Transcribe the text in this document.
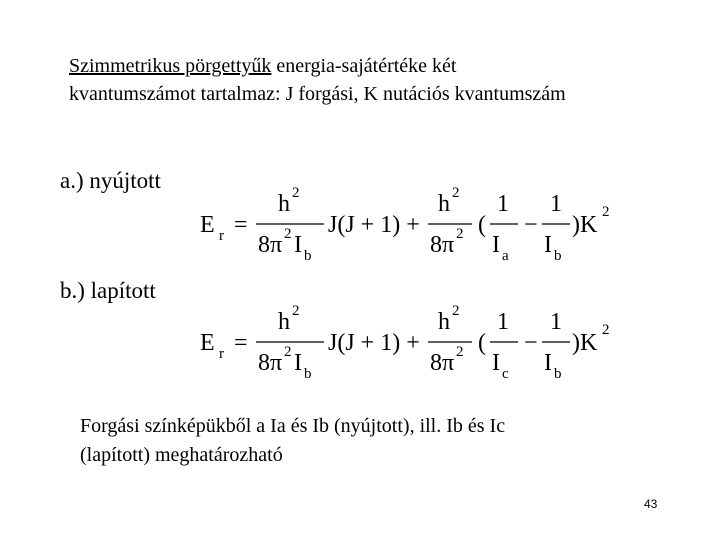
Szimmetrikus pörgettyűk energia-sajátértéke két
kvantumszámot tartalmaz: J forgási, K nutációs kvantumszám
a.) nyújtott
E r =
h 2
8π 2 I b
J(J + 1) +
h 2
8π 2 (
1
I a
−
1
I b
)K 2
b.) lapított
E r =
h 2
8π 2 I b
J(J + 1) +
h 2
8π 2 (
1
I c
−
1
I b
)K 2
Forgási színképükből a Ia és Ib (nyújtott), ill. Ib és Ic
(lapított) meghatározható
43
